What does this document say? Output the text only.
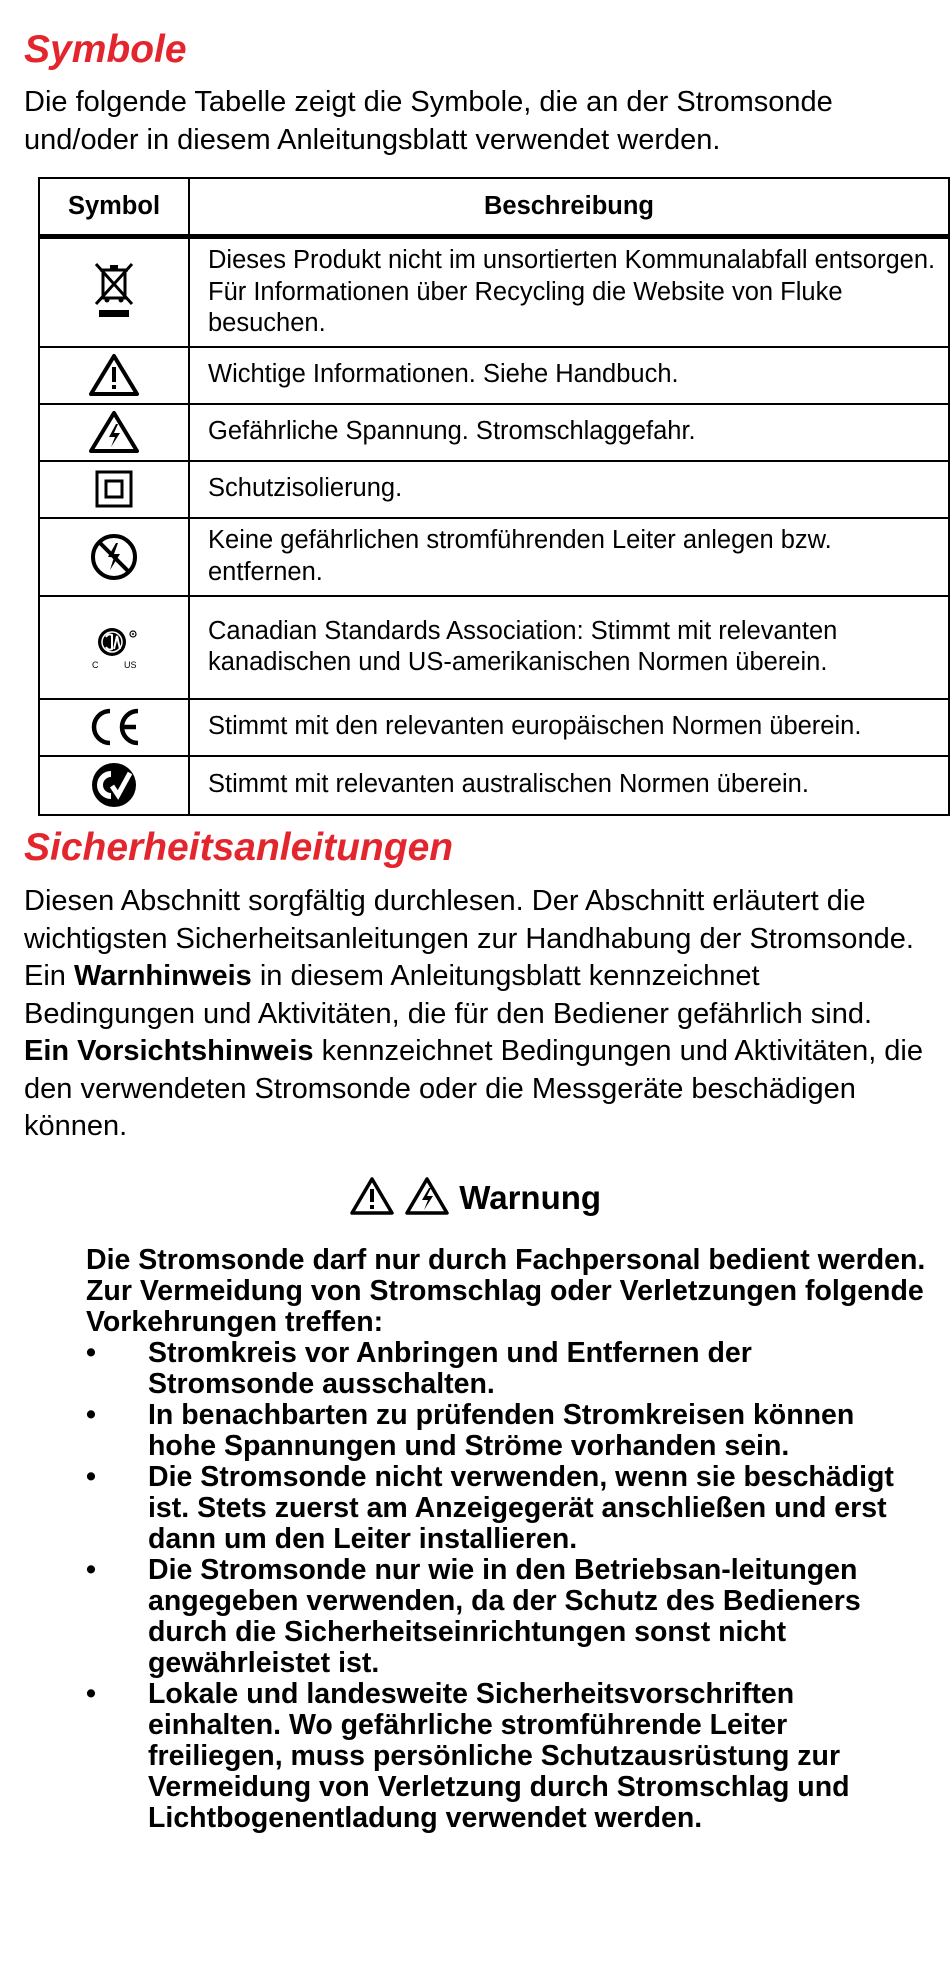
Symbole

Die folgende Tabelle zeigt die Symbole, die an der Stromsonde und/oder in diesem Anleitungsblatt verwendet werden.

Symbol	Beschreibung

	Dieses Produkt nicht im unsortierten Kommunalabfall entsorgen. Für Informationen über Recycling die Website von Fluke besuchen.

	Wichtige Informationen. Siehe Handbuch.

	Gefährliche Spannung. Stromschlaggefahr.

	Schutzisolierung.

	Keine gefährlichen stromführenden Leiter anlegen bzw. entfernen.

C US	Canadian Standards Association: Stimmt mit relevanten kanadischen und US-amerikanischen Normen überein.

	Stimmt mit den relevanten europäischen Normen überein.

	Stimmt mit relevanten australischen Normen überein.
Sicherheitsanleitungen

Diesen Abschnitt sorgfältig durchlesen. Der Abschnitt erläutert die wichtigsten Sicherheitsanleitungen zur Handhabung der Stromsonde. Ein Warnhinweis in diesem Anleitungsblatt kennzeichnet Bedingungen und Aktivitäten, die für den Bediener gefährlich sind. Ein Vorsichtshinweis kennzeichnet Bedingungen und Aktivitäten, die den verwendeten Stromsonde oder die Messgeräte beschädigen können.

Warnung

Die Stromsonde darf nur durch Fachpersonal bedient werden. Zur Vermeidung von Stromschlag oder Verletzungen folgende Vorkehrungen treffen:

• Stromkreis vor Anbringen und Entfernen der Stromsonde ausschalten.
• In benachbarten zu prüfenden Stromkreisen können hohe Spannungen und Ströme vorhanden sein.
• Die Stromsonde nicht verwenden, wenn sie beschädigt ist. Stets zuerst am Anzeigegerät anschließen und erst dann um den Leiter installieren.
• Die Stromsonde nur wie in den Betriebsan-leitungen angegeben verwenden, da der Schutz des Bedieners durch die Sicherheitseinrichtungen sonst nicht gewährleistet ist.
• Lokale und landesweite Sicherheitsvorschriften einhalten. Wo gefährliche stromführende Leiter freiliegen, muss persönliche Schutzausrüstung zur Vermeidung von Verletzung durch Stromschlag und Lichtbogenentladung verwendet werden.
